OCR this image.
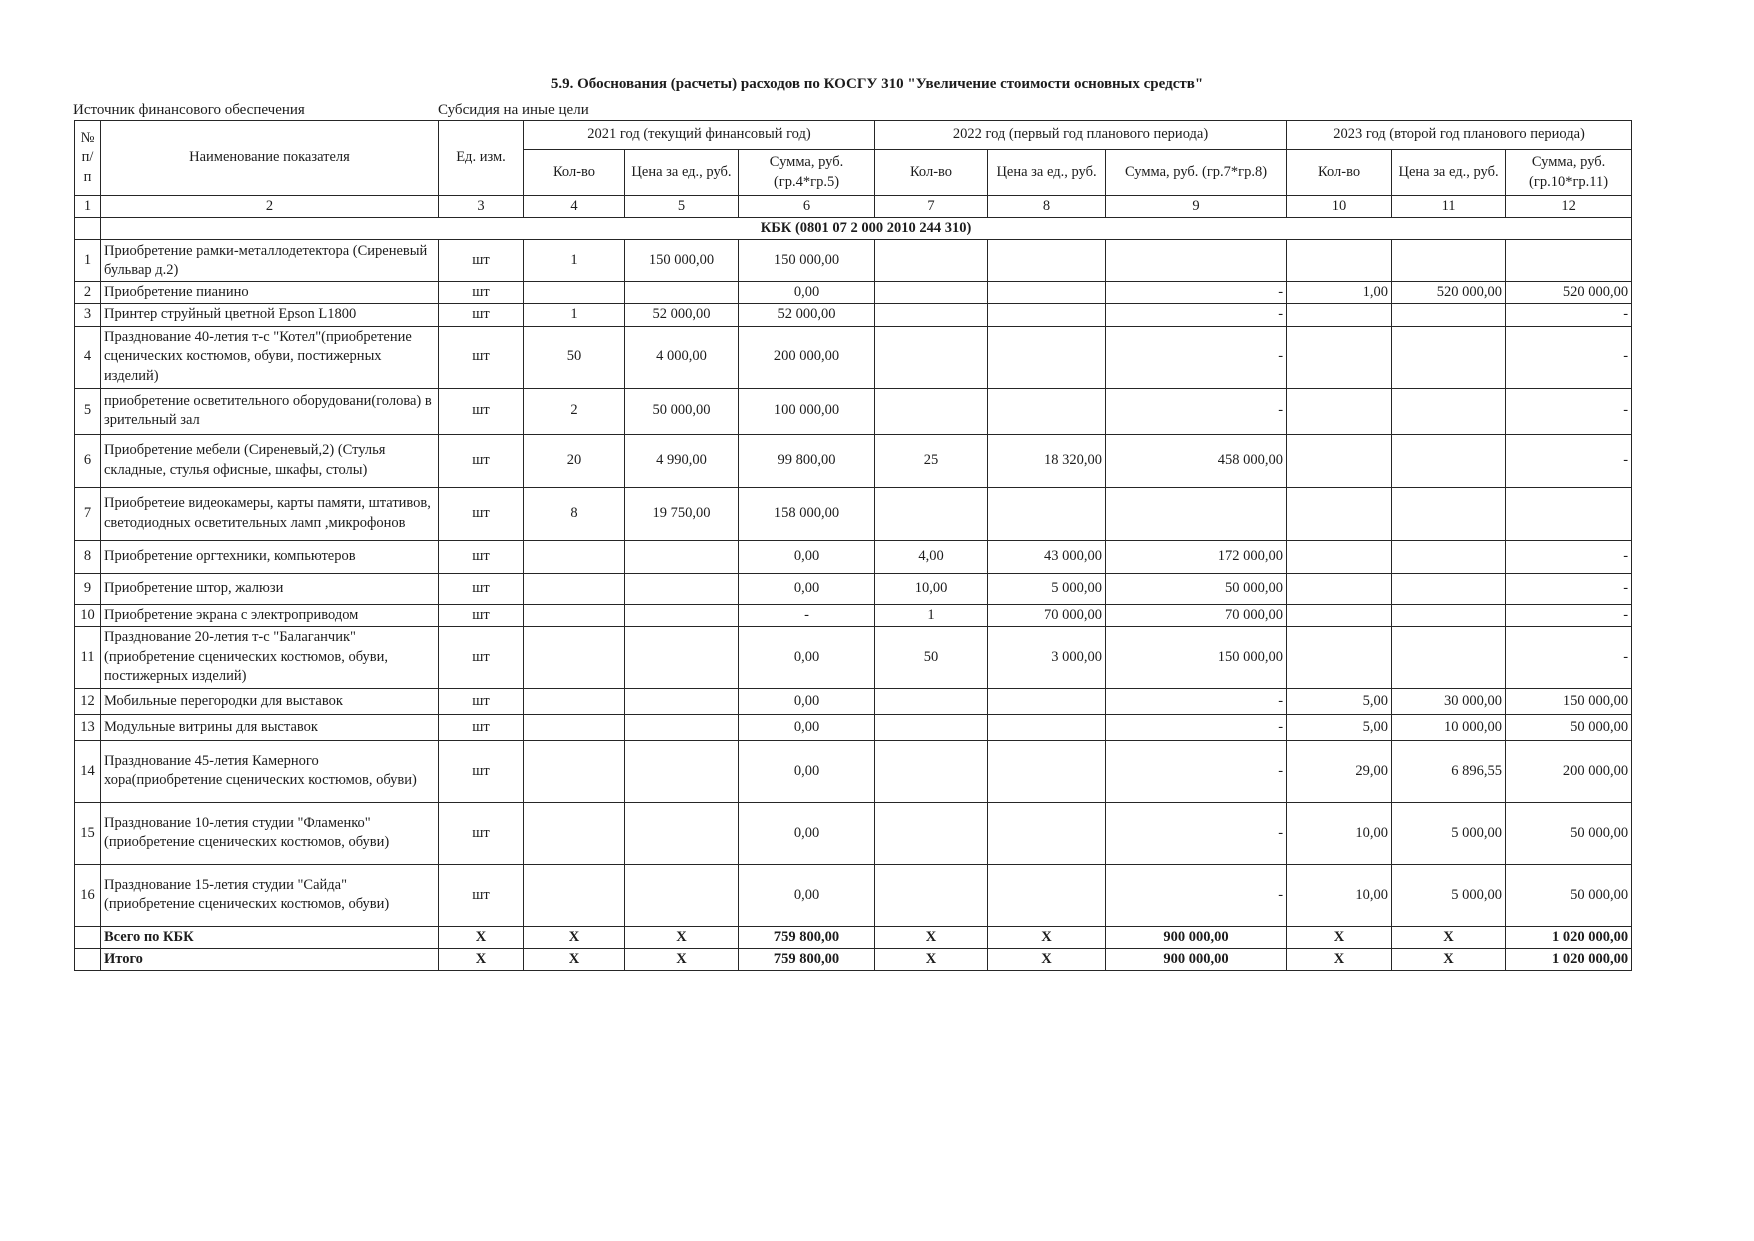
5.9. Обоснования (расчеты) расходов по КОСГУ 310 "Увеличение стоимости основных средств"
Источник финансового обеспечения	Субсидия на иные цели
№ п/п	Наименование показателя	Ед. изм.	2021 год (текущий финансовый год)			2022 год (первый год планового периода)			2023 год (второй год планового периода)		
			Кол-во	Цена за ед., руб.	Сумма, руб. (гр.4*гр.5)	Кол-во	Цена за ед., руб.	Сумма, руб. (гр.7*гр.8)	Кол-во	Цена за ед., руб.	Сумма, руб. (гр.10*гр.11)
1	2	3	4	5	6	7	8	9	10	11	12
	КБК (0801 07 2 000 2010 244 310)										
1	Приобретение рамки-металлодетектора (Сиреневый бульвар д.2)	шт	1	150 000,00	150 000,00						
2	Приобретение пианино	шт			0,00			-	1,00	520 000,00	520 000,00
3	Принтер струйный цветной Epson L1800	шт	1	52 000,00	52 000,00			-			-
4	Празднование 40-летия т-с "Котел"(приобретение сценических костюмов, обуви, постижерных изделий)	шт	50	4 000,00	200 000,00			-			-
5	приобретение осветительного оборудовани(голова) в зрительный зал	шт	2	50 000,00	100 000,00			-			-
6	Приобретение мебели (Сиреневый,2) (Стулья складные, стулья офисные, шкафы, столы)	шт	20	4 990,00	99 800,00	25	18 320,00	458 000,00			-
7	Приобретеие видеокамеры, карты памяти, штативов, светодиодных осветительных ламп ,микрофонов	шт	8	19 750,00	158 000,00						
8	Приобретение оргтехники, компьютеров	шт			0,00	4,00	43 000,00	172 000,00			-
9	Приобретение штор, жалюзи	шт			0,00	10,00	5 000,00	50 000,00			-
10	Приобретение экрана с электроприводом	шт			-	1	70 000,00	70 000,00			-
11	Празднование 20-летия т-с "Балаганчик"(приобретение сценических костюмов, обуви, постижерных изделий)	шт			0,00	50	3 000,00	150 000,00			-
12	Мобильные перегородки для выставок	шт			0,00			-	5,00	30 000,00	150 000,00
13	Модульные витрины для выставок	шт			0,00			-	5,00	10 000,00	50 000,00
14	Празднование 45-летия Камерного хора(приобретение сценических костюмов, обуви)	шт			0,00			-	29,00	6 896,55	200 000,00
15	Празднование 10-летия студии "Фламенко"(приобретение сценических костюмов, обуви)	шт			0,00			-	10,00	5 000,00	50 000,00
16	Празднование 15-летия студии "Сайда"(приобретение сценических костюмов, обуви)	шт			0,00			-	10,00	5 000,00	50 000,00
	Всего по КБК	X	X	X	759 800,00	X	X	900 000,00	X	X	1 020 000,00
	Итого	X	X	X	759 800,00	X	X	900 000,00	X	X	1 020 000,00
